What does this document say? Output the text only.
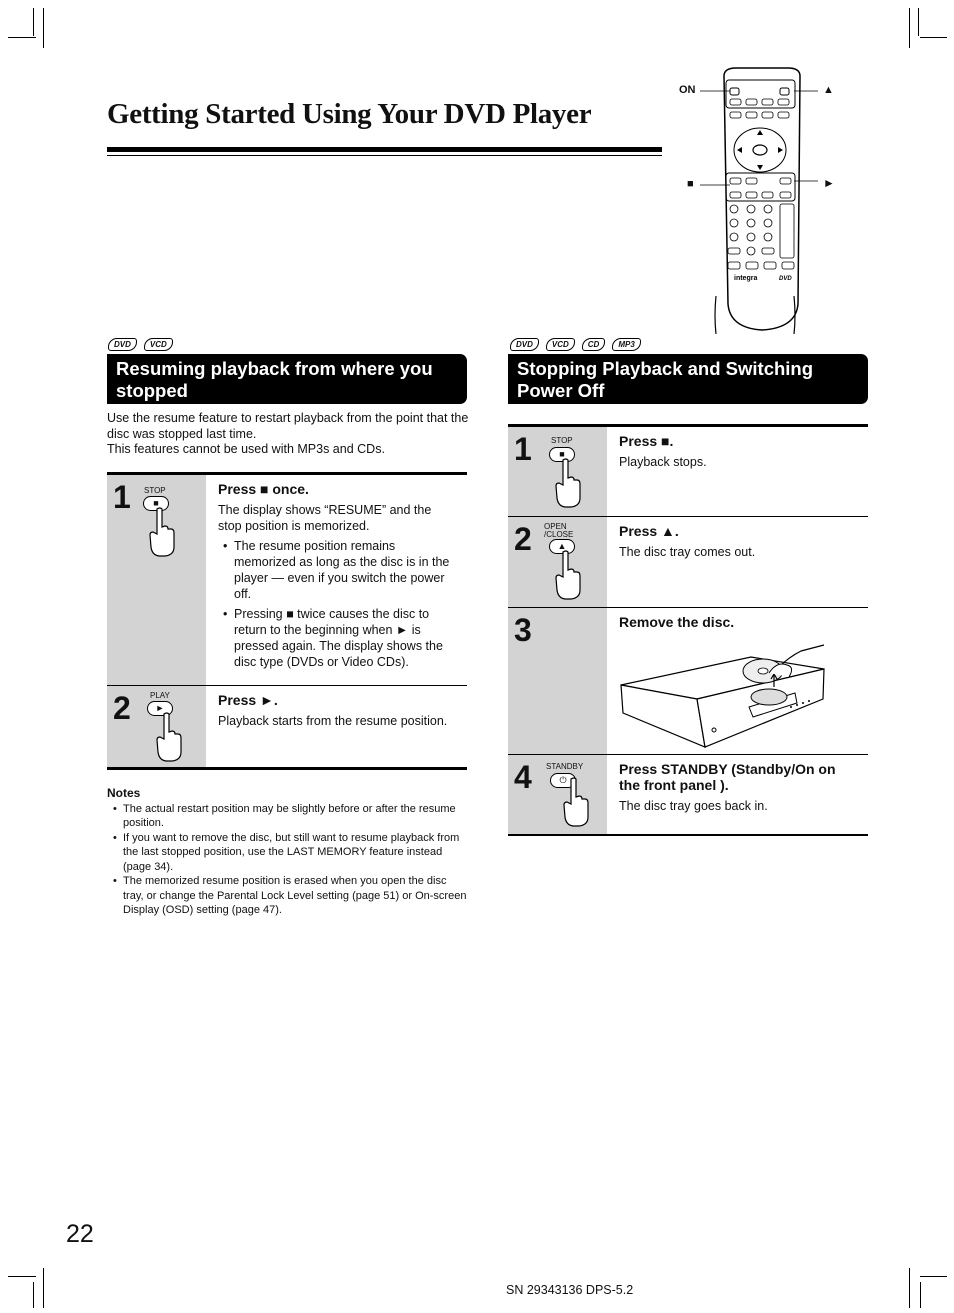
Getting Started Using Your DVD Player
integra	DVD
ON	▲
■	►
DVD	VCD
Resuming playback from where you stopped
Use the resume feature to restart playback from the point that the disc was stopped last time.
This features cannot be used with MP3s and CDs.
1 STOP
■
Press ■ once.

The display shows “RESUME” and the stop position is memorized.

• The resume position remains memorized as long as the disc is in the player — even if you switch the power off.
• Pressing ■ twice causes the disc to return to the beginning when ► is pressed again. The display shows the disc type (DVDs or Video CDs).
2 PLAY
►	Press ►.

Playback starts from the resume position.

Notes
• The actual restart position may be slightly before or after the resume position.
• If you want to remove the disc, but still want to resume playback from the last stopped position, use the LAST MEMORY feature instead (page 34).
• The memorized resume position is erased when you open the disc tray, or change the Parental Lock Level setting (page 51) or On-screen Display (OSD) setting (page 47).
DVD	VCD	CD	MP3
Stopping Playback and Switching Power Off
1 STOP
■
Press ■.

Playback stops.

2 OPEN
/CLOSE
▲
Press ▲.

The disc tray comes out.

3	Remove the disc.
4 STANDBY
⏻
Press STANDBY (Standby/On on the front panel ).

The disc tray goes back in.

22
SN 29343136 DPS-5.2
